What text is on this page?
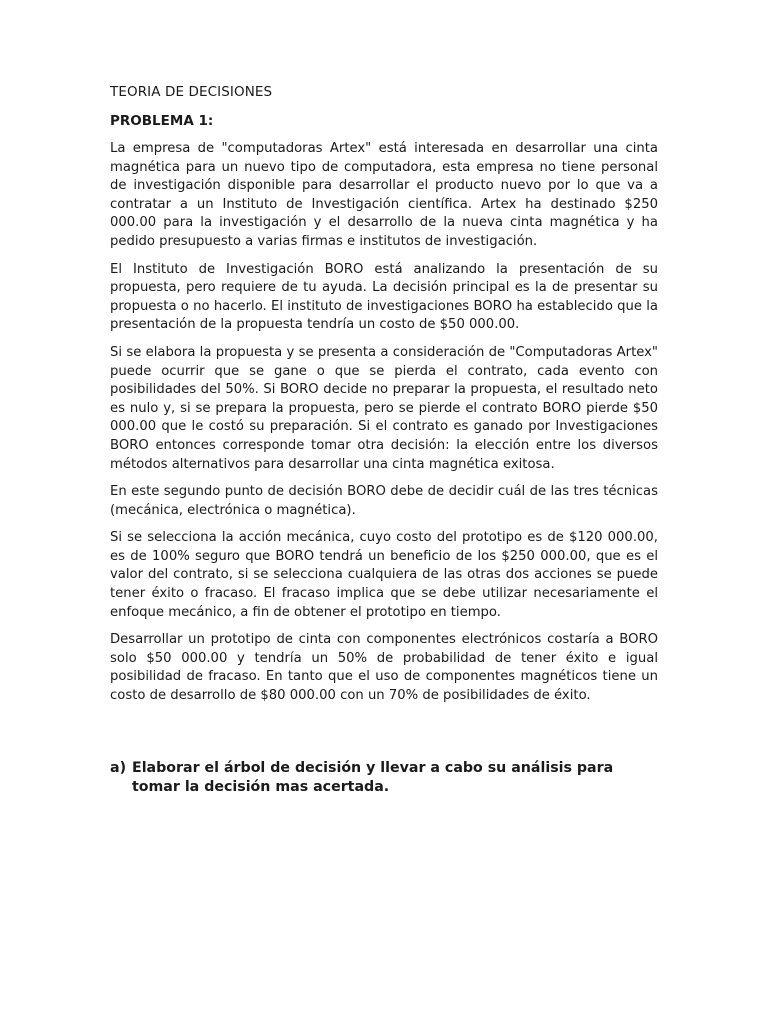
TEORIA DE DECISIONES
PROBLEMA 1:

La empresa de "computadoras Artex" está interesada en desarrollar una cinta magnética para un nuevo tipo de computadora, esta empresa no tiene personal de investigación disponible para desarrollar el producto nuevo por lo que va a contratar a un Instituto de Investigación científica. Artex ha destinado $250 000.00 para la investigación y el desarrollo de la nueva cinta magnética y ha pedido presupuesto a varias firmas e institutos de investigación.

El Instituto de Investigación BORO está analizando la presentación de su propuesta, pero requiere de tu ayuda. La decisión principal es la de presentar su propuesta o no hacerlo. El instituto de investigaciones BORO ha establecido que la presentación de la propuesta tendría un costo de $50 000.00.

Si se elabora la propuesta y se presenta a consideración de "Computadoras Artex" puede ocurrir que se gane o que se pierda el contrato, cada evento con posibilidades del 50%. Si BORO decide no preparar la propuesta, el resultado neto es nulo y, si se prepara la propuesta, pero se pierde el contrato BORO pierde $50 000.00 que le costó su preparación. Si el contrato es ganado por Investigaciones BORO entonces corresponde tomar otra decisión: la elección entre los diversos métodos alternativos para desarrollar una cinta magnética exitosa.

En este segundo punto de decisión BORO debe de decidir cuál de las tres técnicas (mecánica, electrónica o magnética).

Si se selecciona la acción mecánica, cuyo costo del prototipo es de $120 000.00, es de 100% seguro que BORO tendrá un beneficio de los $250 000.00, que es el valor del contrato, si se selecciona cualquiera de las otras dos acciones se puede tener éxito o fracaso. El fracaso implica que se debe utilizar necesariamente el enfoque mecánico, a fin de obtener el prototipo en tiempo.

Desarrollar un prototipo de cinta con componentes electrónicos costaría a BORO solo $50 000.00 y tendría un 50% de probabilidad de tener éxito e igual posibilidad de fracaso. En tanto que el uso de componentes magnéticos tiene un costo de desarrollo de $80 000.00 con un 70% de posibilidades de éxito.

a) Elaborar el árbol de decisión y llevar a cabo su análisis para tomar la decisión mas acertada.
